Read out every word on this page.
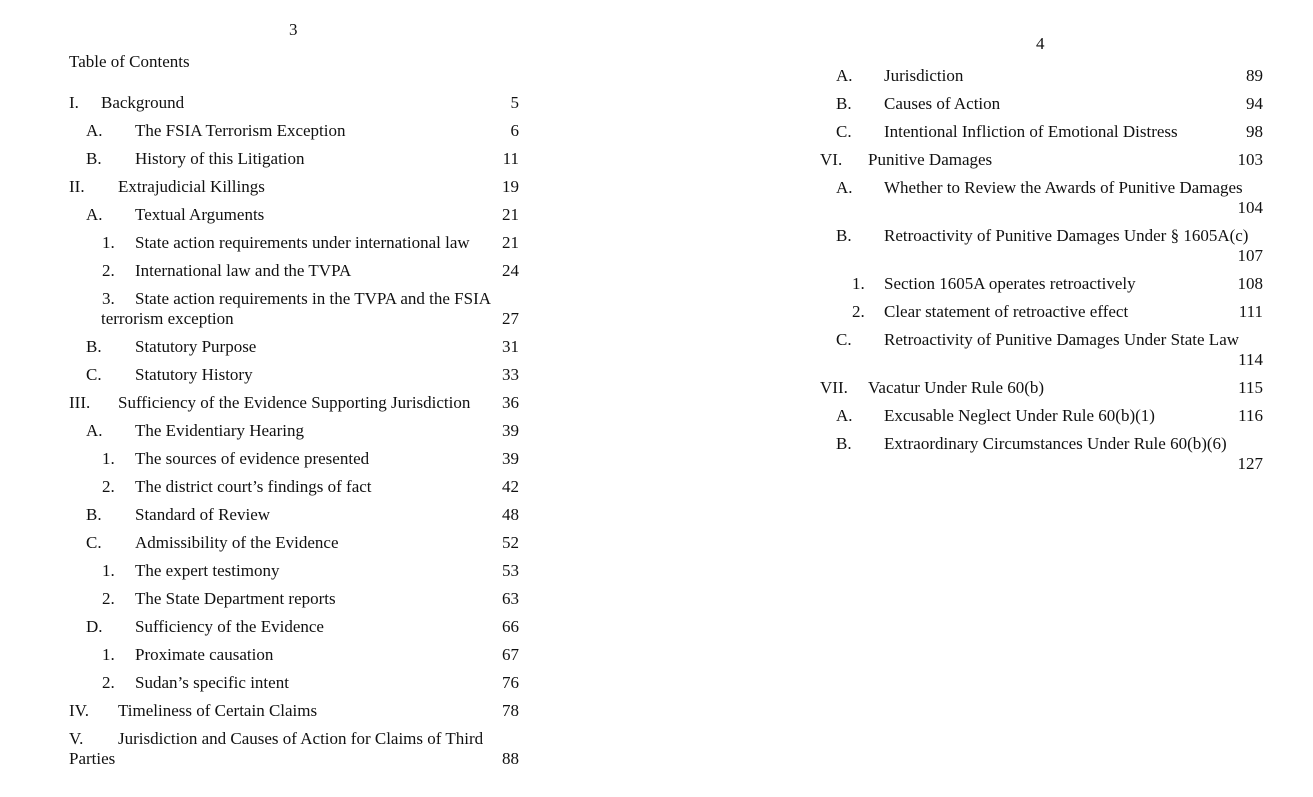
3
Table of Contents
I. Background	5
A. The FSIA Terrorism Exception	6
B. History of this Litigation	11
II. Extrajudicial Killings	19
A. Textual Arguments	21
1. State action requirements under international law 21
2. International law and the TVPA	24
3. State action requirements in the TVPA and the FSIA
terrorism exception	27
B. Statutory Purpose	31
C. Statutory History	33
III. Sufficiency of the Evidence Supporting Jurisdiction 36
A. The Evidentiary Hearing	39
1. The sources of evidence presented	39
2. The district court’s findings of fact	42
B. Standard of Review	48
C. Admissibility of the Evidence	52
1. The expert testimony	53
2. The State Department reports	63
D. Sufficiency of the Evidence	66
1. Proximate causation	67
2. Sudan’s specific intent	76
IV. Timeliness of Certain Claims	78
V. Jurisdiction and Causes of Action for Claims of Third
Parties	88
4
A. Jurisdiction	89
B. Causes of Action	94
C. Intentional Infliction of Emotional Distress	98
VI. Punitive Damages	103
A. Whether to Review the Awards of Punitive Damages
104
B. Retroactivity of Punitive Damages Under § 1605A(c)
107
1. Section 1605A operates retroactively	108
2. Clear statement of retroactive effect	111
C. Retroactivity of Punitive Damages Under State Law
114
VII. Vacatur Under Rule 60(b)	115
A. Excusable Neglect Under Rule 60(b)(1)	116
B. Extraordinary Circumstances Under Rule 60(b)(6)
127
